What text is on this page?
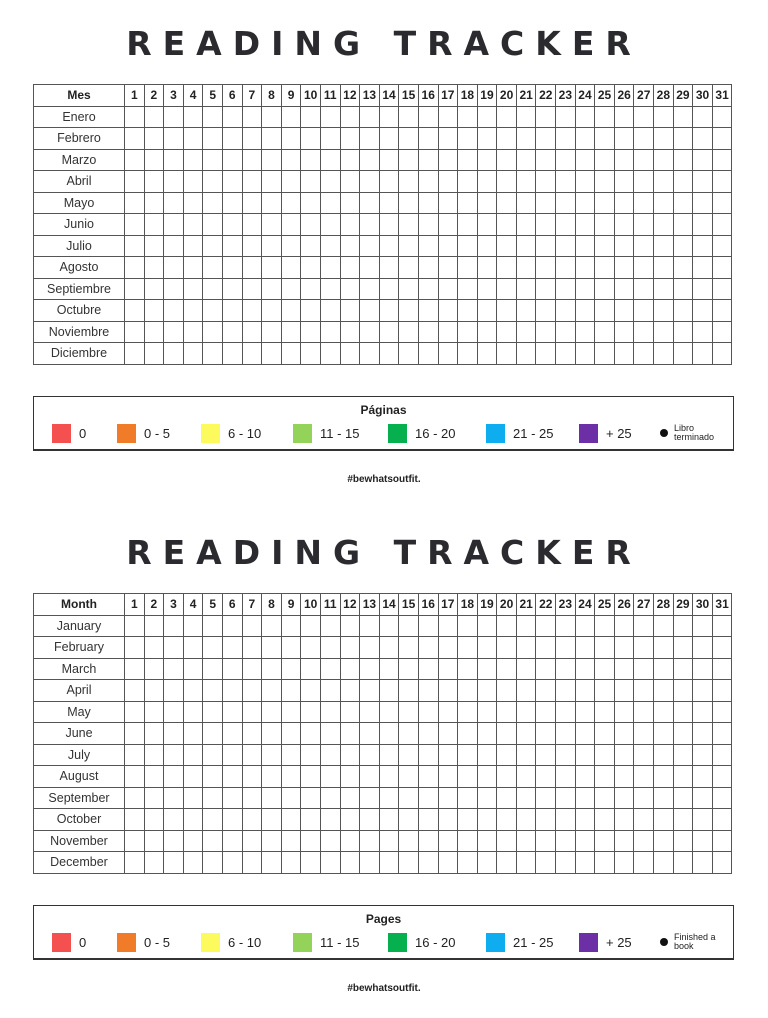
READING TRACKER
Mes	1	2	3	4	5	6	7	8	9	10	11	12	13	14	15	16	17	18	19	20	21	22	23	24	25	26	27	28	29	30	31
Enero																															
Febrero																															
Marzo																															
Abril																															
Mayo																															
Junio																															
Julio																															
Agosto																															
Septiembre																															
Octubre																															
Noviembre																															
Diciembre																															
Páginas
0	0 - 5	6 - 10	11 - 15	16 - 20	21 - 25	+ 25	Libro terminado
#bewhatsoutfit.
READING TRACKER
Month	1	2	3	4	5	6	7	8	9	10	11	12	13	14	15	16	17	18	19	20	21	22	23	24	25	26	27	28	29	30	31
January																															
February																															
March																															
April																															
May																															
June																															
July																															
August																															
September																															
October																															
November																															
December																															
Pages
0	0 - 5	6 - 10	11 - 15	16 - 20	21 - 25	+ 25	Finished a book
#bewhatsoutfit.
